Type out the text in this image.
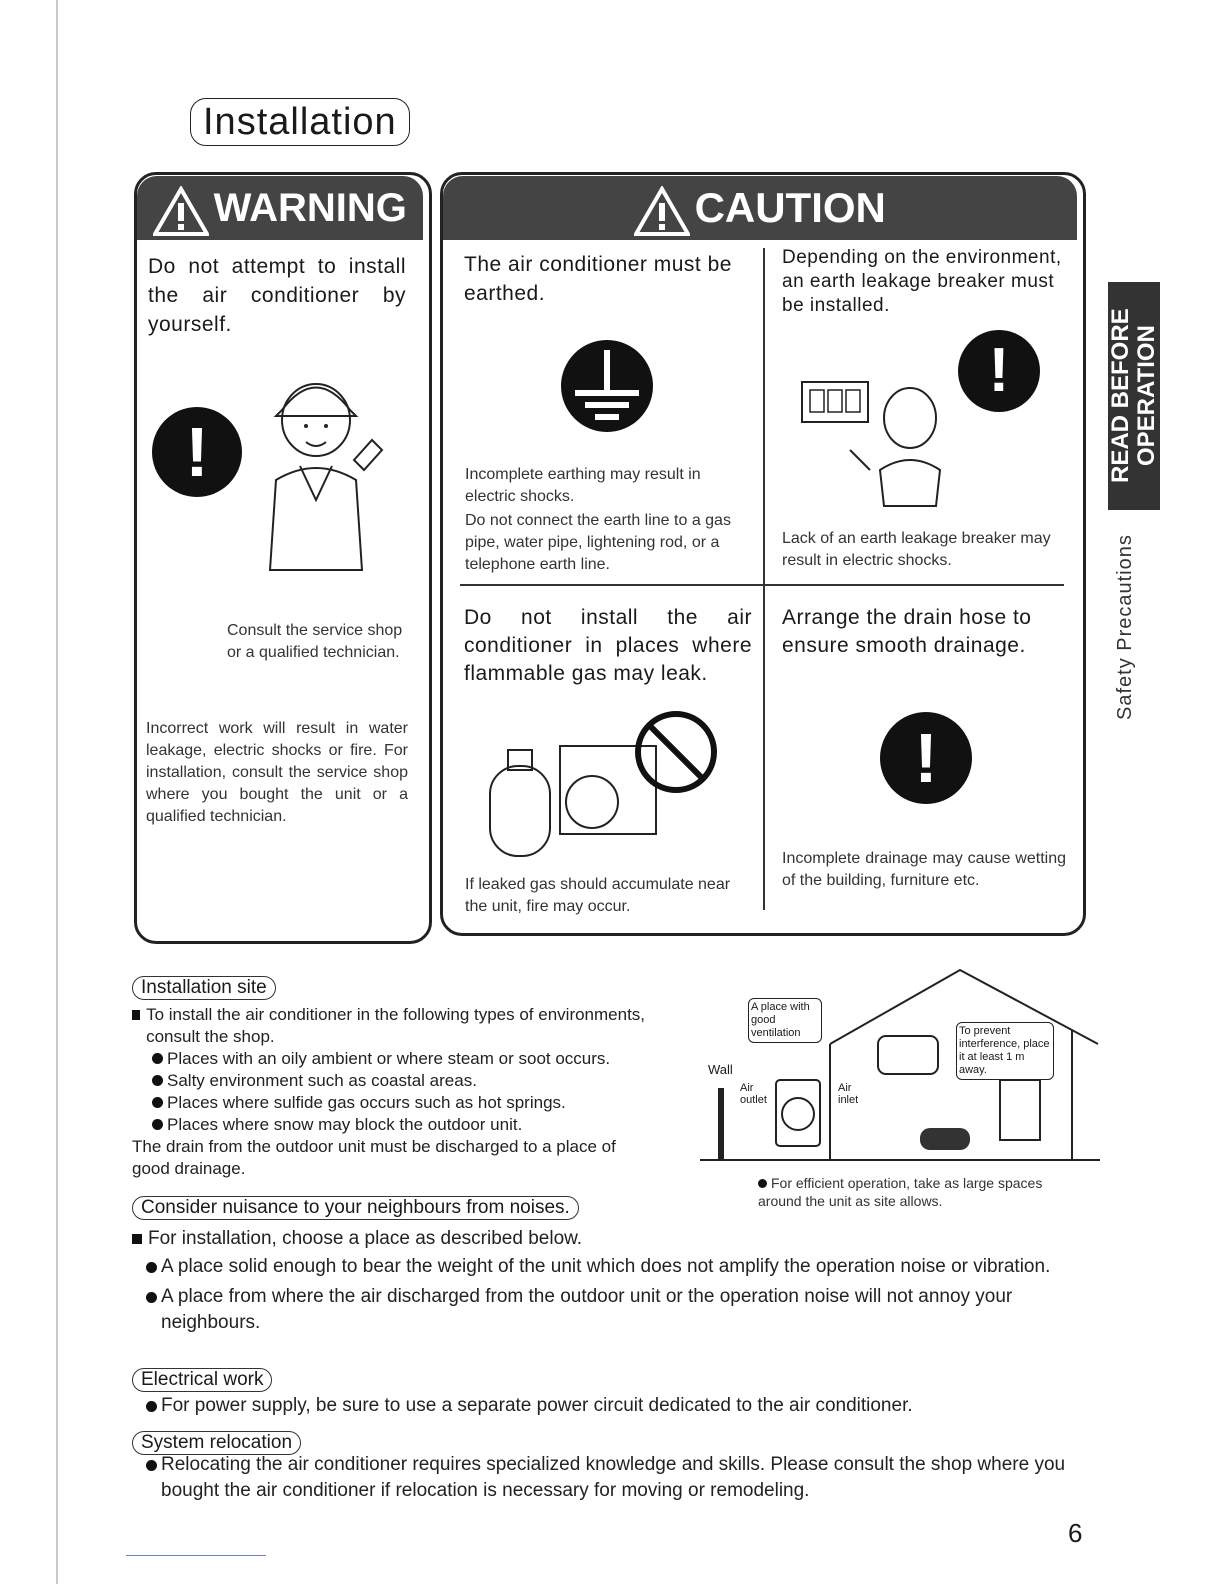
Installation
WARNING
Do not attempt to install the air conditioner by yourself.
!
Consult the service shop or a qualified technician.
Incorrect work will result in water leakage, electric shocks or fire. For installation, consult the service shop where you bought the unit or a qualified technician.
CAUTION
The air conditioner must be earthed.
Incomplete earthing may result in electric shocks.
Do not connect the earth line to a gas pipe, water pipe, lightening rod, or a telephone earth line.
Depending on the environment, an earth leakage breaker must be installed.
!
Lack of an earth leakage breaker may result in electric shocks.
Do not install the air conditioner in places where flammable gas may leak.
If leaked gas should accumulate near the unit, fire may occur.
Arrange the drain hose to ensure smooth drainage.
!
Incomplete drainage may cause wetting of the building, furniture etc.
READ BEFORE OPERATION
Safety Precautions
Installation site
To install the air conditioner in the following types of environments, consult the shop.
Places with an oily ambient or where steam or soot occurs.
Salty environment such as coastal areas.
Places where sulfide gas occurs such as hot springs.
Places where snow may block the outdoor unit.
The drain from the outdoor unit must be discharged to a place of good drainage.
A place with good ventilation	To prevent interference, place it at least 1 m away.
Wall
Air outlet
Air inlet
For efficient operation, take as large spaces around the unit as site allows.
Consider nuisance to your neighbours from noises.
For installation, choose a place as described below.
A place solid enough to bear the weight of the unit which does not amplify the operation noise or vibration.
A place from where the air discharged from the outdoor unit or the operation noise will not annoy your neighbours.
Electrical work
For power supply, be sure to use a separate power circuit dedicated to the air conditioner.
System relocation
Relocating the air conditioner requires specialized knowledge and skills. Please consult the shop where you bought the air conditioner if relocation is necessary for moving or remodeling.
6
